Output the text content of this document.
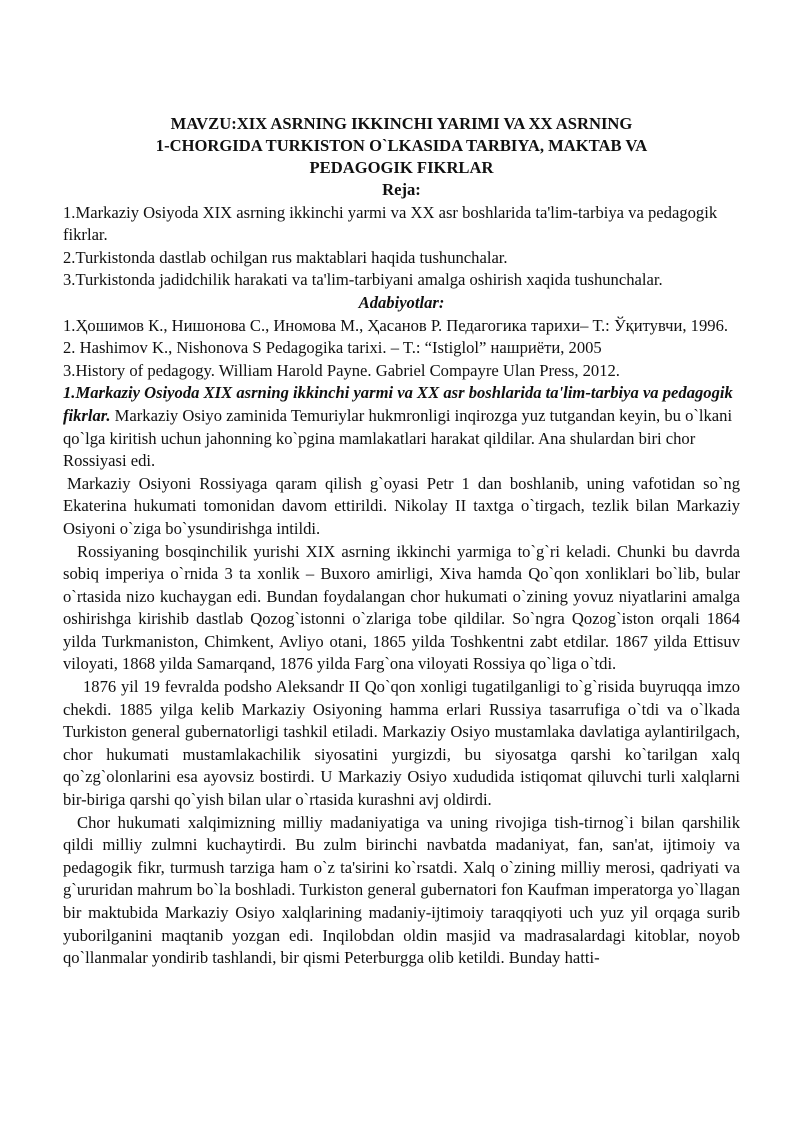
MAVZU:XIX ASRNING IKKINCHI YARIMI VA XX ASRNING
1-CHORGIDA TURKISTON O`LKASIDA TARBIYA, MAKTAB VA
PEDAGOGIK FIKRLAR
Reja:

1.Markaziy Osiyoda XIX asrning ikkinchi yarmi va XX asr boshlarida ta'lim-tarbiya va pedagogik fikrlar.

2.Turkistonda dastlab ochilgan rus maktablari haqida tushunchalar.

3.Turkistonda jadidchilik harakati va ta'lim-tarbiyani amalga oshirish xaqida tushunchalar.

Adabiyotlar:

1.Ҳошимов К., Нишонова С., Иномова М., Ҳасанов Р. Педагогика тарихи– Т.: Ўқитувчи, 1996.

2. Hashimov K., Nishonova S Pedagogika tarixi. – T.: “Istiglol” нашриёти, 2005

3.History of pedagogy. William Harold Payne. Gabriel Compayre Ulan Press, 2012.

1.Markaziy Osiyoda XIX asrning ikkinchi yarmi va XX asr boshlarida ta'lim-tarbiya va pedagogik fikrlar. Markaziy Osiyo zaminida Temuriylar hukmronligi inqirozga yuz tutgandan keyin, bu o`lkani qo`lga kiritish uchun jahonning ko`pgina mamlakatlari harakat qildilar. Ana shulardan biri chor Rossiyasi edi.

Markaziy Osiyoni Rossiyaga qaram qilish g`oyasi Petr 1 dan boshlanib, uning vafotidan so`ng Ekaterina hukumati tomonidan davom ettirildi. Nikolay II taxtga o`tirgach, tezlik bilan Markaziy Osiyoni o`ziga bo`ysundirishga intildi.

Rossiyaning bosqinchilik yurishi XIX asrning ikkinchi yarmiga to`g`ri keladi. Chunki bu davrda sobiq imperiya o`rnida 3 ta xonlik – Buxoro amirligi, Xiva hamda Qo`qon xonliklari bo`lib, bular o`rtasida nizo kuchaygan edi. Bundan foydalangan chor hukumati o`zining yovuz niyatlarini amalga oshirishga kirishib dastlab Qozog`istonni o`zlariga tobe qildilar. So`ngra Qozog`iston orqali 1864 yilda Turkmaniston, Chimkent, Avliyo otani, 1865 yilda Toshkentni zabt etdilar. 1867 yilda Ettisuv viloyati, 1868 yilda Samarqand, 1876 yilda Farg`ona viloyati Rossiya qo`liga o`tdi.

1876 yil 19 fevralda podsho Aleksandr II Qo`qon xonligi tugatilganligi to`g`risida buyruqqa imzo chekdi. 1885 yilga kelib Markaziy Osiyoning hamma erlari Russiya tasarrufiga o`tdi va o`lkada Turkiston general gubernatorligi tashkil etiladi. Markaziy Osiyo mustamlaka davlatiga aylantirilgach, chor hukumati mustamlakachilik siyosatini yurgizdi, bu siyosatga qarshi ko`tarilgan xalq qo`zg`olonlarini esa ayovsiz bostirdi. U Markaziy Osiyo xududida istiqomat qiluvchi turli xalqlarni bir-biriga qarshi qo`yish bilan ular o`rtasida kurashni avj oldirdi.

Chor hukumati xalqimizning milliy madaniyatiga va uning rivojiga tish-tirnog`i bilan qarshilik qildi milliy zulmni kuchaytirdi. Bu zulm birinchi navbatda madaniyat, fan, san'at, ijtimoiy va pedagogik fikr, turmush tarziga ham o`z ta'sirini ko`rsatdi. Xalq o`zining milliy merosi, qadriyati va g`ururidan mahrum bo`la boshladi. Turkiston general gubernatori fon Kaufman imperatorga yo`llagan bir maktubida Markaziy Osiyo xalqlarining madaniy-ijtimoiy taraqqiyoti uch yuz yil orqaga surib yuborilganini maqtanib yozgan edi. Inqilobdan oldin masjid va madrasalardagi kitoblar, noyob qo`llanmalar yondirib tashlandi, bir qismi Peterburgga olib ketildi. Bunday hatti-
